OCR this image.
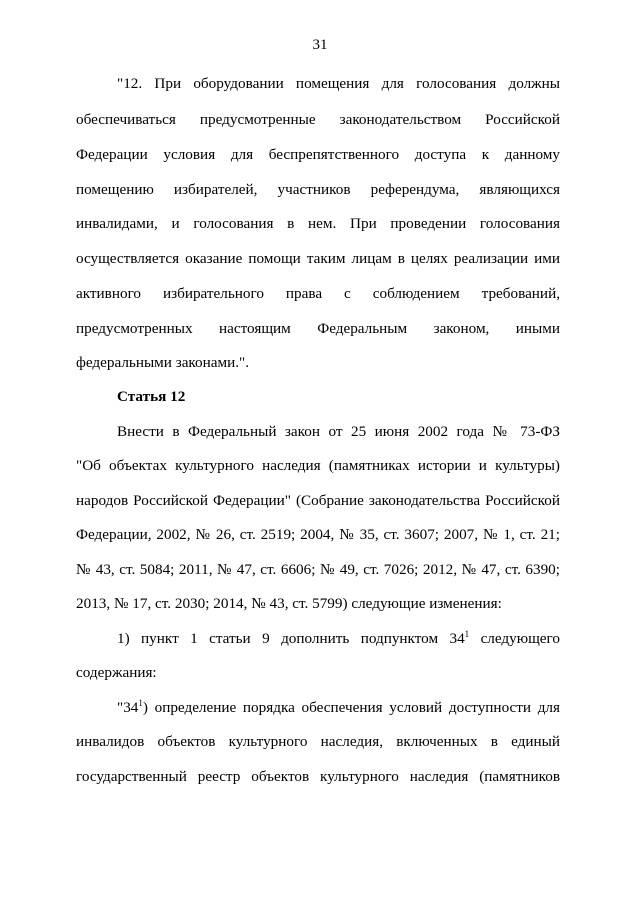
31
"12. При оборудовании помещения для голосования должны
обеспечиваться предусмотренные законодательством Российской
Федерации условия для беспрепятственного доступа к данному
помещению избирателей, участников референдума, являющихся
инвалидами, и голосования в нем. При проведении голосования
осуществляется оказание помощи таким лицам в целях реализации ими
активного избирательного права с соблюдением требований,
предусмотренных настоящим Федеральным законом, иными
федеральными законами.".
Статья 12
Внести в Федеральный закон от 25 июня 2002 года № 73-ФЗ
"Об объектах культурного наследия (памятниках истории и культуры)
народов Российской Федерации" (Собрание законодательства Российской
Федерации, 2002, № 26, ст. 2519; 2004, № 35, ст. 3607; 2007, № 1, ст. 21;
№ 43, ст. 5084; 2011, № 47, ст. 6606; № 49, ст. 7026; 2012, № 47, ст. 6390;
2013, № 17, ст. 2030; 2014, № 43, ст. 5799) следующие изменения:
1) пункт 1 статьи 9 дополнить подпунктом $34^1$ следующего
содержания:
"$34^1$) определение порядка обеспечения условий доступности для
инвалидов объектов культурного наследия, включенных в единый
государственный реестр объектов культурного наследия (памятников
